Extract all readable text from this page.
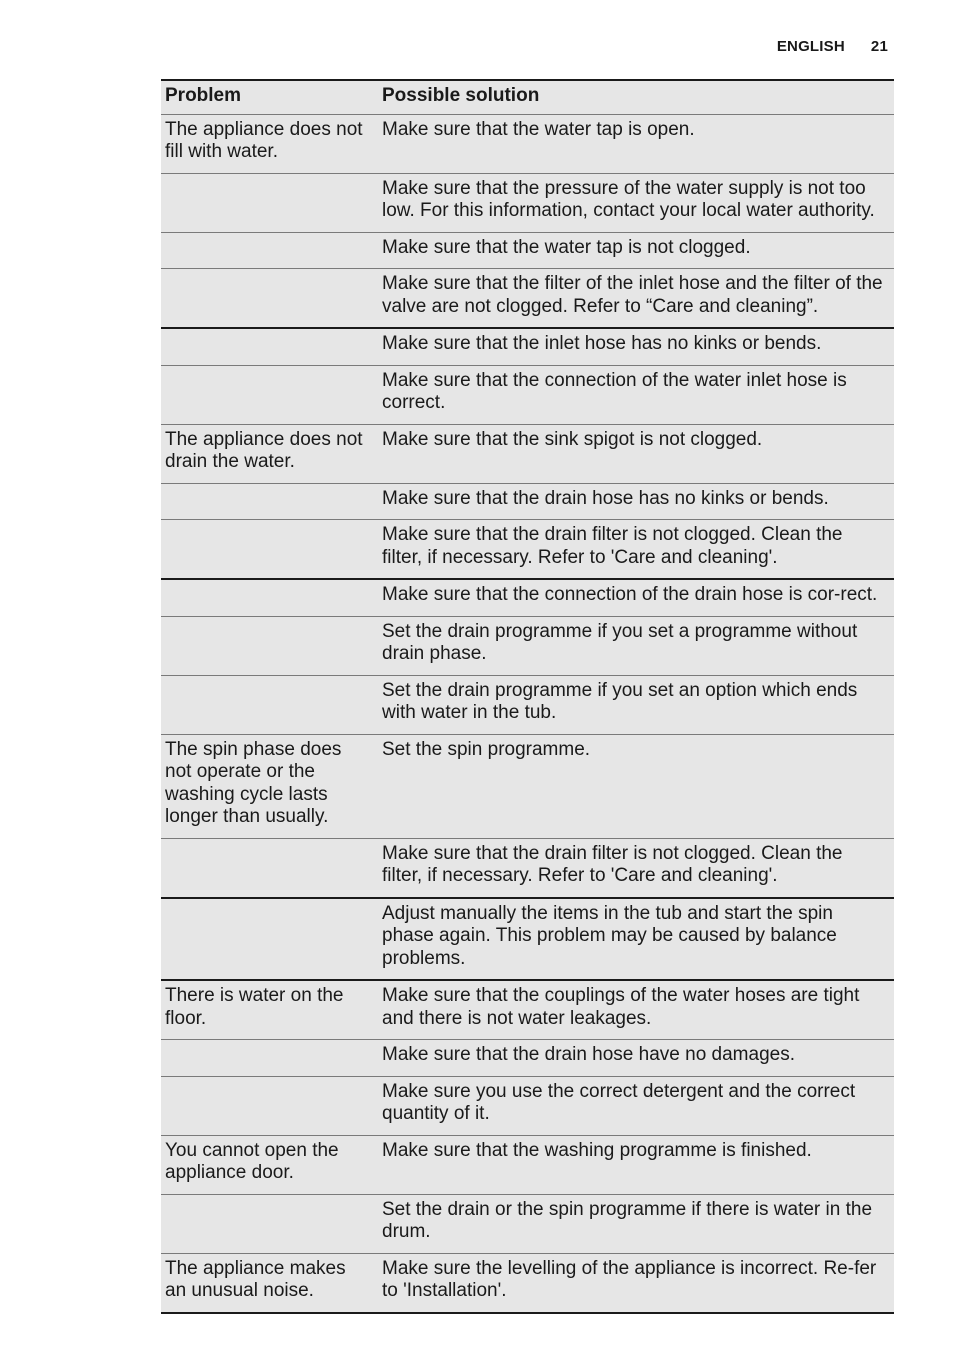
ENGLISH 21
Problem	Possible solution
The appliance does not fill with water.	Make sure that the water tap is open.
	Make sure that the pressure of the water supply is not too low. For this information, contact your local water authority.
	Make sure that the water tap is not clogged.
	Make sure that the filter of the inlet hose and the filter of the valve are not clogged. Refer to “Care and cleaning”.
	Make sure that the inlet hose has no kinks or bends.
	Make sure that the connection of the water inlet hose is correct.
The appliance does not drain the water.	Make sure that the sink spigot is not clogged.
	Make sure that the drain hose has no kinks or bends.
	Make sure that the drain filter is not clogged. Clean the filter, if necessary. Refer to 'Care and cleaning'.
	Make sure that the connection of the drain hose is cor-rect.
	Set the drain programme if you set a programme without drain phase.
	Set the drain programme if you set an option which ends with water in the tub.
The spin phase does not operate or the washing cycle lasts longer than usually.	Set the spin programme.
	Make sure that the drain filter is not clogged. Clean the filter, if necessary. Refer to 'Care and cleaning'.
	Adjust manually the items in the tub and start the spin phase again. This problem may be caused by balance problems.
There is water on the floor.	Make sure that the couplings of the water hoses are tight and there is not water leakages.
	Make sure that the drain hose have no damages.
	Make sure you use the correct detergent and the correct quantity of it.
You cannot open the appliance door.	Make sure that the washing programme is finished.
	Set the drain or the spin programme if there is water in the drum.
The appliance makes an unusual noise.	Make sure the levelling of the appliance is incorrect. Re-fer to 'Installation'.
